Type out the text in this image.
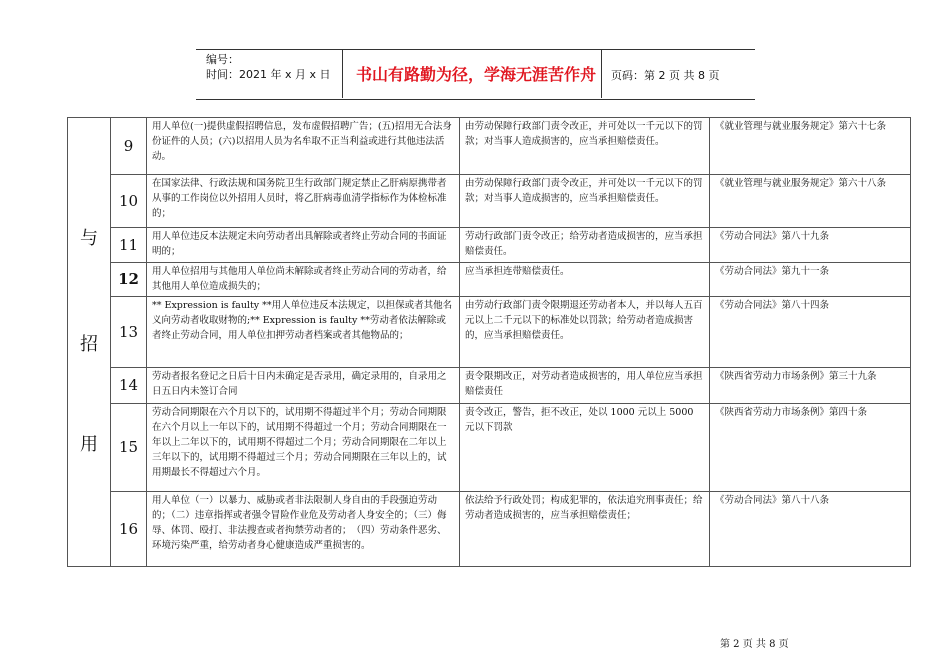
编号：
时间：2021 年 x 月 x 日 书山有路勤为径，学海无涯苦作舟 页码：第 2 页 共 8 页
与
招
用	9	用人单位(一)提供虚假招聘信息，发布虚假招聘广告；(五)招用无合法身份证件的人员；(六)以招用人员为名牟取不正当利益或进行其他违法活动。	由劳动保障行政部门责令改正，并可处以一千元以下的罚款；对当事人造成损害的，应当承担赔偿责任。	《就业管理与就业服务规定》第六十七条
	10	在国家法律、行政法规和国务院卫生行政部门规定禁止乙肝病原携带者从事的工作岗位以外招用人员时，将乙肝病毒血清学指标作为体检标准的；	由劳动保障行政部门责令改正，并可处以一千元以下的罚款；对当事人造成损害的，应当承担赔偿责任。	《就业管理与就业服务规定》第六十八条
	11	用人单位违反本法规定未向劳动者出具解除或者终止劳动合同的书面证明的；	劳动行政部门责令改正；给劳动者造成损害的，应当承担赔偿责任。	《劳动合同法》第八十九条
	12	用人单位招用与其他用人单位尚未解除或者终止劳动合同的劳动者，给其他用人单位造成损失的；	应当承担连带赔偿责任。	《劳动合同法》第九十一条
	13	** Expression is faulty **用人单位违反本法规定，以担保或者其他名义向劳动者收取财物的;** Expression is faulty **劳动者依法解除或者终止劳动合同，用人单位扣押劳动者档案或者其他物品的；	由劳动行政部门责令限期退还劳动者本人，并以每人五百元以上二千元以下的标准处以罚款；给劳动者造成损害的，应当承担赔偿责任。	《劳动合同法》第八十四条
	14	劳动者报名登记之日后十日内未确定是否录用，确定录用的，自录用之日五日内未签订合同	责令限期改正，对劳动者造成损害的，用人单位应当承担赔偿责任	《陕西省劳动力市场条例》第三十九条
	15	劳动合同期限在六个月以下的，试用期不得超过半个月；劳动合同期限在六个月以上一年以下的，试用期不得超过一个月；劳动合同期限在一年以上二年以下的，试用期不得超过二个月；劳动合同期限在二年以上三年以下的，试用期不得超过三个月；劳动合同期限在三年以上的，试用期最长不得超过六个月。	责令改正，警告，拒不改正，处以 1000 元以上 5000 元以下罚款	《陕西省劳动力市场条例》第四十条
	16	用人单位（一）以暴力、威胁或者非法限制人身自由的手段强迫劳动的；（二）违章指挥或者强令冒险作业危及劳动者人身安全的；（三）侮辱、体罚、殴打、非法搜查或者拘禁劳动者的；　（四）劳动条件恶劣、环境污染严重，给劳动者身心健康造成严重损害的。	依法给予行政处罚；构成犯罪的，依法追究刑事责任；给劳动者造成损害的，应当承担赔偿责任；	《劳动合同法》第八十八条
第 2 页 共 8 页
